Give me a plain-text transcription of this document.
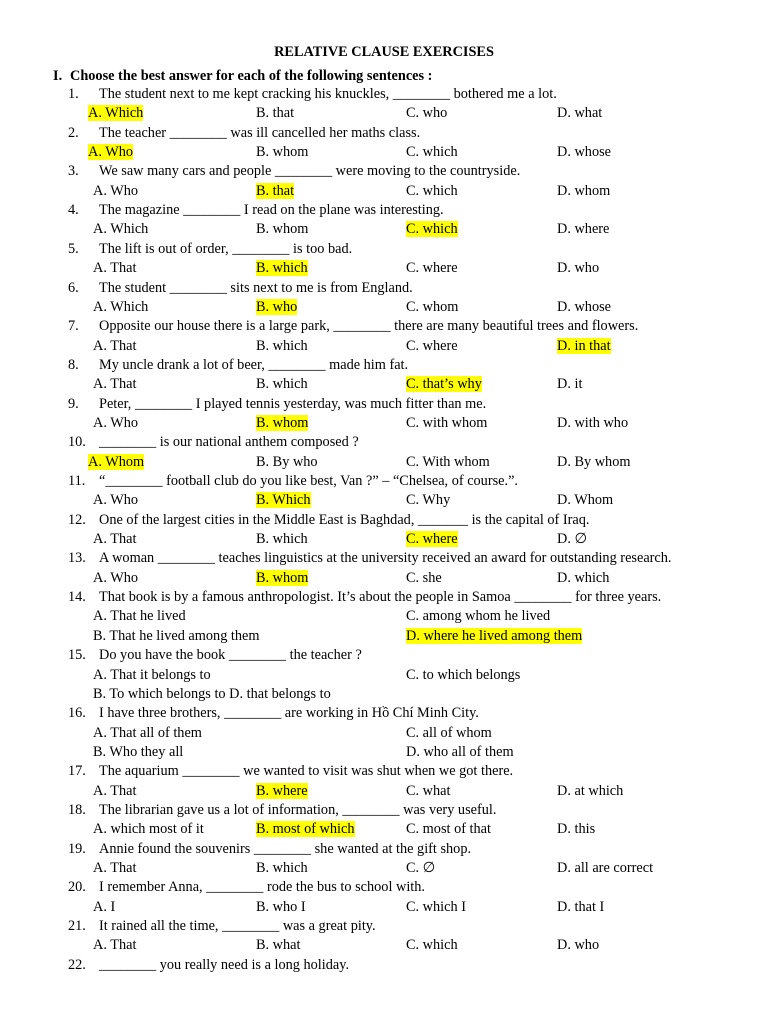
RELATIVE CLAUSE EXERCISES
I. Choose the best answer for each of the following sentences :
1. The student next to me kept cracking his knuckles, ________ bothered me a lot.
A. Which	B. that	C. who	D. what
2. The teacher ________ was ill cancelled her maths class.
A. Who	B. whom	C. which	D. whose
3. We saw many cars and people ________ were moving to the countryside.
A. Who	B. that	C. which	D. whom
4. The magazine ________ I read on the plane was interesting.
A. Which	B. whom	C. which	D. where
5. The lift is out of order, ________ is too bad.
A. That	B. which	C. where	D. who
6. The student ________ sits next to me is from England.
A. Which	B. who	C. whom	D. whose
7. Opposite our house there is a large park, ________ there are many beautiful trees and flowers.
A. That	B. which	C. where	D. in that
8. My uncle drank a lot of beer, ________ made him fat.
A. That	B. which	C. that’s why	D. it
9. Peter, ________ I played tennis yesterday, was much fitter than me.
A. Who	B. whom	C. with whom	D. with who
10. ________ is our national anthem composed ?
A. Whom	B. By who	C. With whom	D. By whom
11. “________ football club do you like best, Van ?” – “Chelsea, of course.”.
A. Who	B. Which	C. Why	D. Whom
12. One of the largest cities in the Middle East is Baghdad, _______ is the capital of Iraq.
A. That	B. which	C. where	D. ∅
13. A woman ________ teaches linguistics at the university received an award for outstanding research.
A. Who	B. whom	C. she	D. which
14. That book is by a famous anthropologist. It’s about the people in Samoa ________ for three years.
A. That he lived	C. among whom he lived
B. That he lived among them	D. where he lived among them
15. Do you have the book ________ the teacher ?
A. That it belongs to	C. to which belongs
B. To which belongs to D. that belongs to
16. I have three brothers, ________ are working in Hồ Chí Minh City.
A. That all of them	C. all of whom
B. Who they all	D. who all of them
17. The aquarium ________ we wanted to visit was shut when we got there.
A. That	B. where	C. what	D. at which
18. The librarian gave us a lot of information, ________ was very useful.
A. which most of it	B. most of which	C. most of that	D. this
19. Annie found the souvenirs ________ she wanted at the gift shop.
A. That	B. which	C. ∅	D. all are correct
20. I remember Anna, ________ rode the bus to school with.
A. I	B. who I	C. which I	D. that I
21. It rained all the time, ________ was a great pity.
A. That	B. what	C. which	D. who
22. ________ you really need is a long holiday.
